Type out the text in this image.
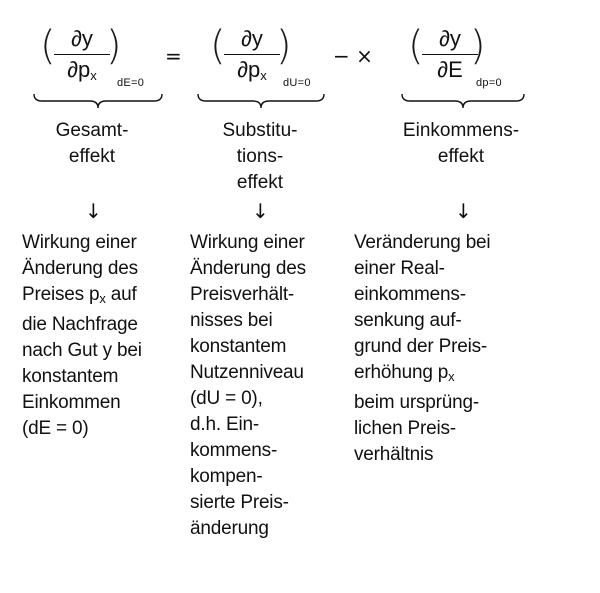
( ∂y
$\partial p_x$
)
dE=0
= ( ∂y
$\partial p_x$
)
dU=0
− × ( ∂y
∂E
)
dp=0
Gesamt-
effekt
Substitu-
tions-
effekt
Einkommens-
effekt
↓	↓	↓
Wirkung einer
Änderung des
Preises $p_x$ auf
die Nachfrage
nach Gut y bei
konstantem
Einkommen
(dE = 0)
Wirkung einer
Änderung des
Preisverhält-
nisses bei
konstantem
Nutzenniveau
(dU = 0),
d.h. Ein-
kommens-
kompen-
sierte Preis-
änderung
Veränderung bei
einer Real-
einkommens-
senkung auf-
grund der Preis-
erhöhung $p_x$
beim ursprüng-
lichen Preis-
verhältnis
